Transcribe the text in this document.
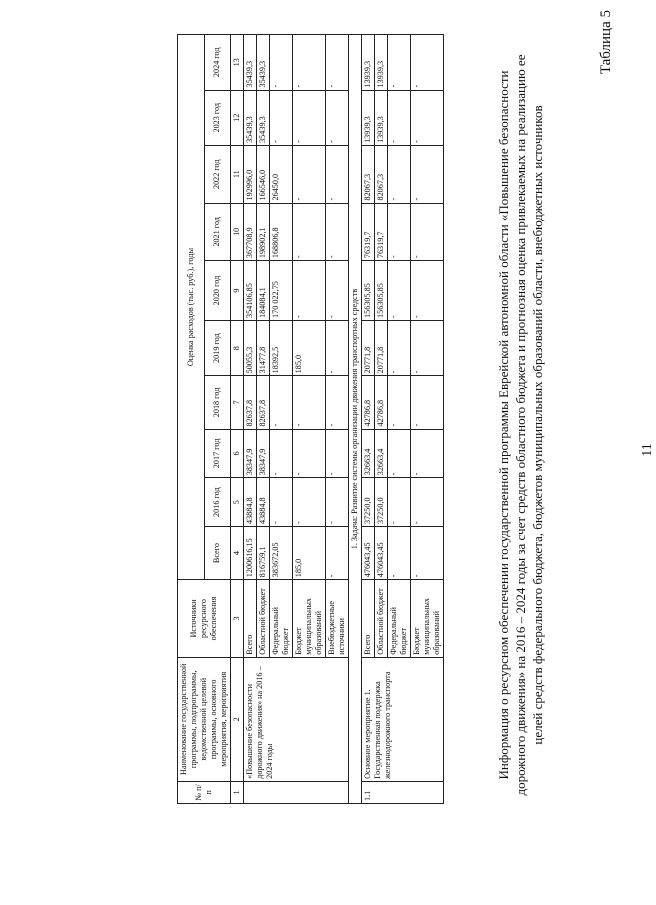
Таблица 5
11
Информация о ресурсном обеспечении государственной программы Еврейской автономной области «Повышение безопасности дорожного движения» на 2016 – 2024 годы за счет средств областного бюджета и прогнозная оценка привлекаемых на реализацию ее целей средств федерального бюджета, бюджетов муниципальных образований области, внебюджетных источников
№ п/п	Наименование государственной программы, подпрограммы, ведомственной целевой программы, основного мероприятия, мероприятия	Источники ресурсного обеспечения	Оценка расходов (тыс. руб.), годы									
			Всего	2016 год	2017 год	2018 год	2019 год	2020 год	2021 год	2022 год	2023 год	2024 год
1	2	3	4	5	6	7	8	9	10	11	12	13
	«Повышение безопасности дорожного движения» на 2016 – 2024 годы	Всего	1200616,15	43884,8	38347,9	82637,8	50055,3	354106,85	367708,9	192996,0	35439,3	35439,3
		Областной бюджет	816759,1	43884,8	38347,9	82637,8	31477,8	184084,1	198902,1	166546,0	35439,3	35439,3
		Федеральный бюджет	383672,05	-	-	-	18392,5	170 022,75	168806,8	26450,0	-	-
		Бюджет муниципальных образований	185,0	-	-	-	185,0	-	-	-	-	-
		Внебюджетные источники	-	-	-	-	-	-	-	-	-	-
1. Задача: Развитие системы организации движения транспортных средств												
1.1	Основное мероприятие 1. Государственная поддержка железнодорожного транспорта	Всего	476043,45	37250,0	32663,4	42786,8	20771,8	156305,85	76319,7	82067,3	13939,3	13939,3
		Областной бюджет	476043,45	37250,0	32663,4	42786,8	20771,8	156305,85	76319,7	82067,3	13939,3	13939,3
		Федеральный бюджет	-	-	-	-	-	-	-	-	-	-
		Бюджет муниципальных образований	-	-	-	-	-	-	-	-	-	-
